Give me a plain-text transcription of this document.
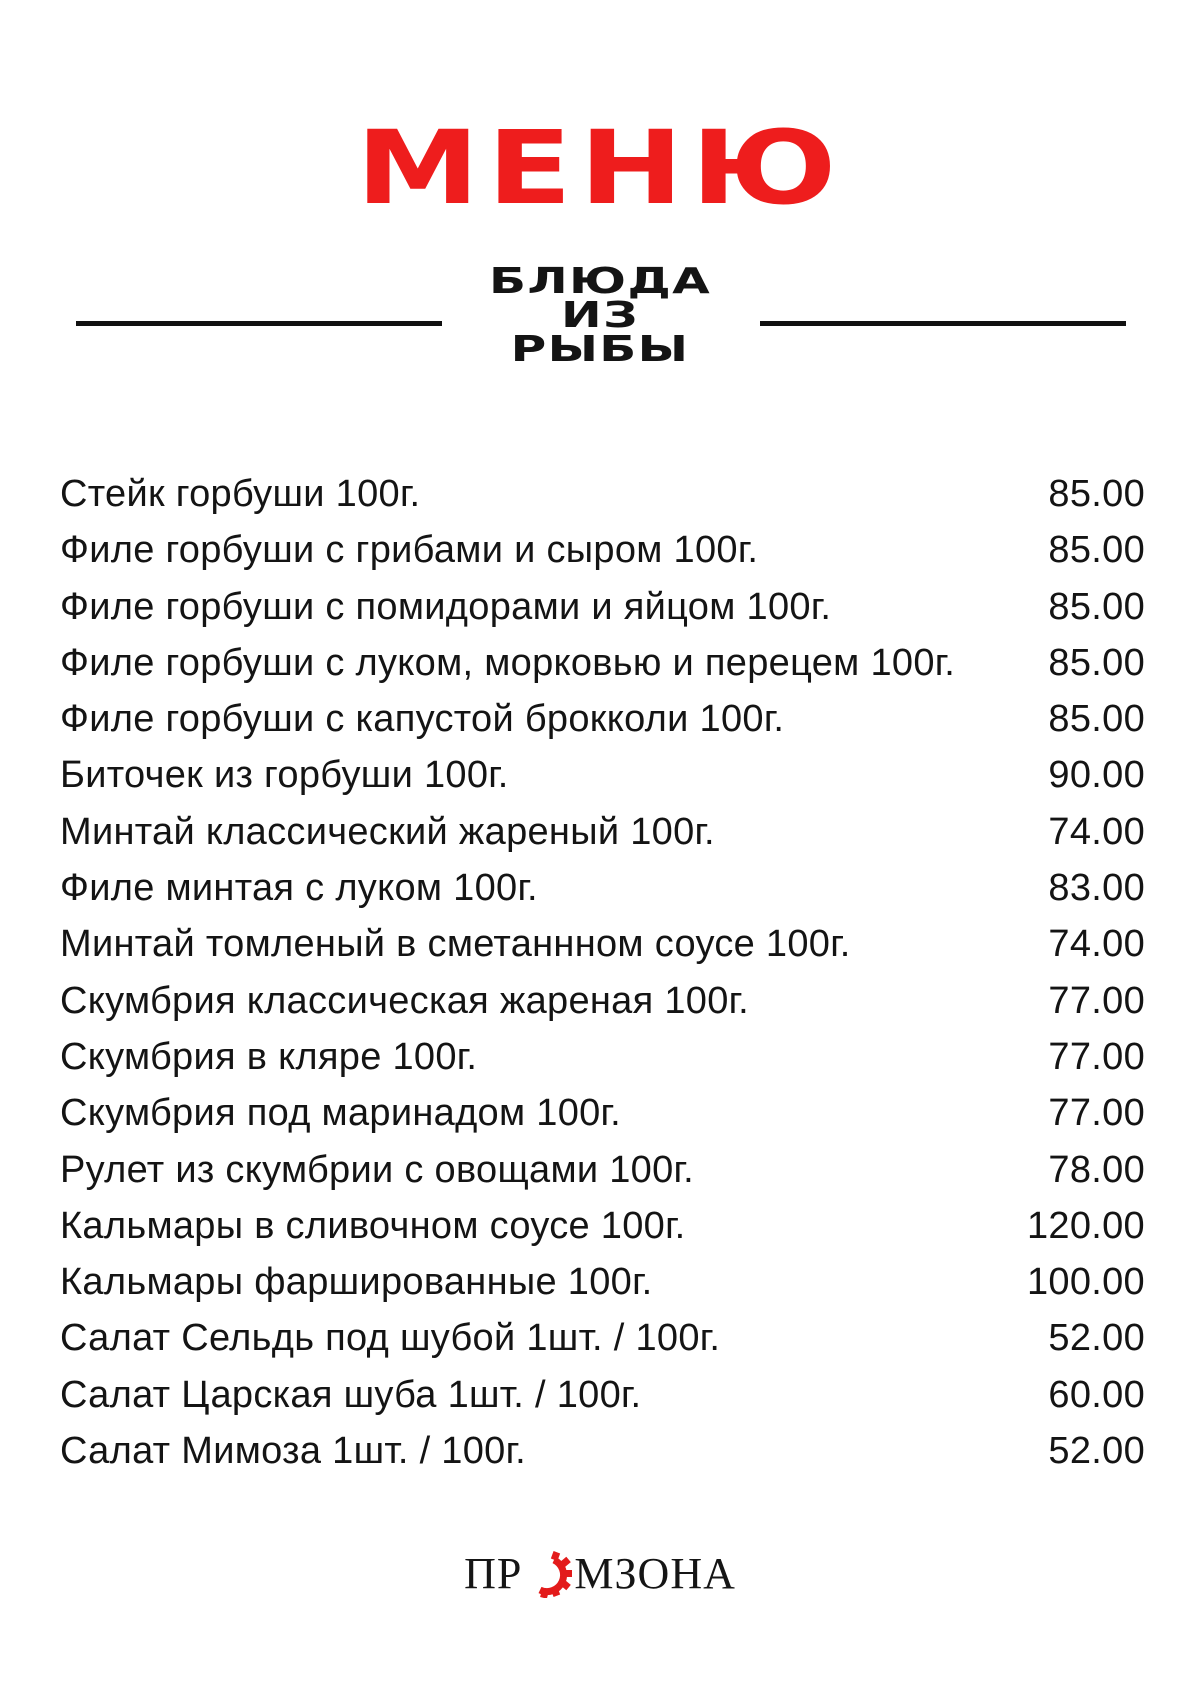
МЕНЮ
БЛЮДА
ИЗ
РЫБЫ
Стейк горбуши 100г.	85.00
Филе горбуши с грибами и сыром 100г.	85.00
Филе горбуши с помидорами и яйцом 100г.	85.00
Филе горбуши с луком, морковью и перецем 100г. 85.00
Филе горбуши с капустой брокколи 100г.	85.00
Биточек из горбуши 100г.	90.00
Минтай классический жареный 100г.	74.00
Филе минтая с луком 100г.	83.00
Минтай томленый в сметаннном соусе 100г.	74.00
Скумбрия классическая жареная 100г.	77.00
Скумбрия в кляре 100г.	77.00
Скумбрия под маринадом 100г.	77.00
Рулет из скумбрии с овощами 100г.	78.00
Кальмары в сливочном соусе 100г.	120.00
Кальмары фаршированные 100г.	100.00
Салат Сельдь под шубой 1шт. / 100г.	52.00
Салат Царская шуба 1шт. / 100г.	60.00
Салат Мимоза 1шт. / 100г.	52.00
ПР МЗОНА
